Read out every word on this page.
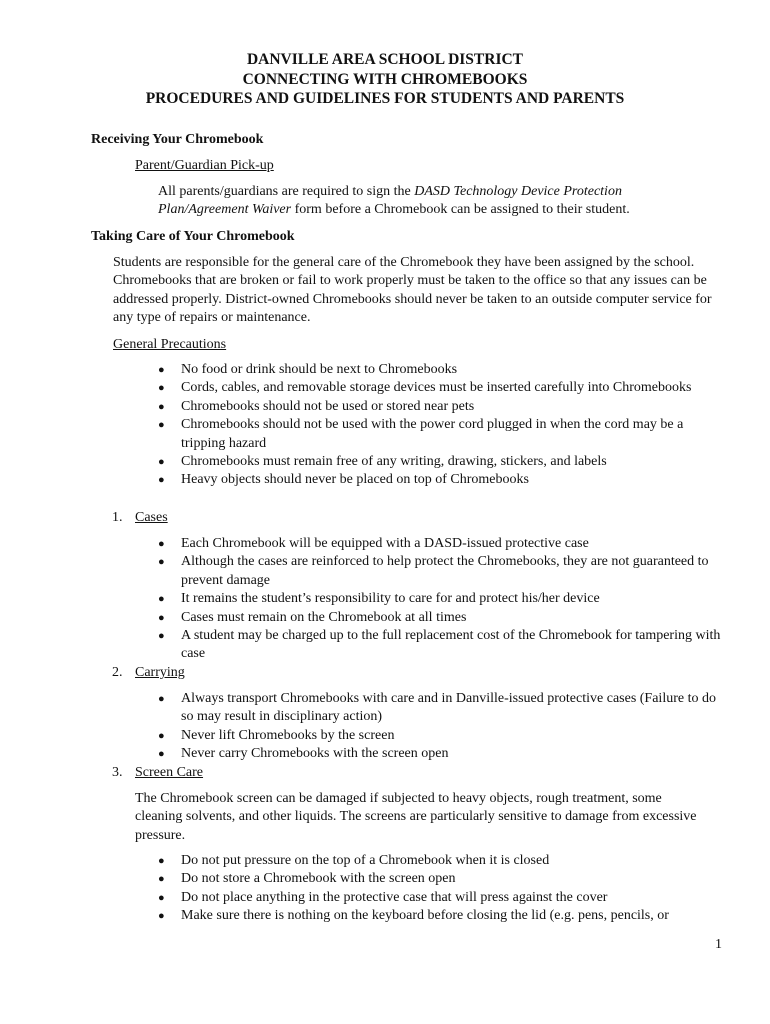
DANVILLE AREA SCHOOL DISTRICT
CONNECTING WITH CHROMEBOOKS
PROCEDURES AND GUIDELINES FOR STUDENTS AND PARENTS
Receiving Your Chromebook
Parent/Guardian Pick-up
All parents/guardians are required to sign the DASD Technology Device Protection Plan/Agreement Waiver form before a Chromebook can be assigned to their student.
Taking Care of Your Chromebook
Students are responsible for the general care of the Chromebook they have been assigned by the school. Chromebooks that are broken or fail to work properly must be taken to the office so that any issues can be addressed properly. District-owned Chromebooks should never be taken to an outside computer service for any type of repairs or maintenance.
General Precautions
● No food or drink should be next to Chromebooks
● Cords, cables, and removable storage devices must be inserted carefully into Chromebooks
● Chromebooks should not be used or stored near pets
● Chromebooks should not be used with the power cord plugged in when the cord may be a tripping hazard
● Chromebooks must remain free of any writing, drawing, stickers, and labels
● Heavy objects should never be placed on top of Chromebooks
1. Cases
● Each Chromebook will be equipped with a DASD-issued protective case
● Although the cases are reinforced to help protect the Chromebooks, they are not guaranteed to prevent damage
● It remains the student’s responsibility to care for and protect his/her device
● Cases must remain on the Chromebook at all times
● A student may be charged up to the full replacement cost of the Chromebook for tampering with case
2. Carrying
● Always transport Chromebooks with care and in Danville-issued protective cases (Failure to do so may result in disciplinary action)
● Never lift Chromebooks by the screen
● Never carry Chromebooks with the screen open
3. Screen Care
The Chromebook screen can be damaged if subjected to heavy objects, rough treatment, some cleaning solvents, and other liquids. The screens are particularly sensitive to damage from excessive pressure.
● Do not put pressure on the top of a Chromebook when it is closed
● Do not store a Chromebook with the screen open
● Do not place anything in the protective case that will press against the cover
● Make sure there is nothing on the keyboard before closing the lid (e.g. pens, pencils, or
1
